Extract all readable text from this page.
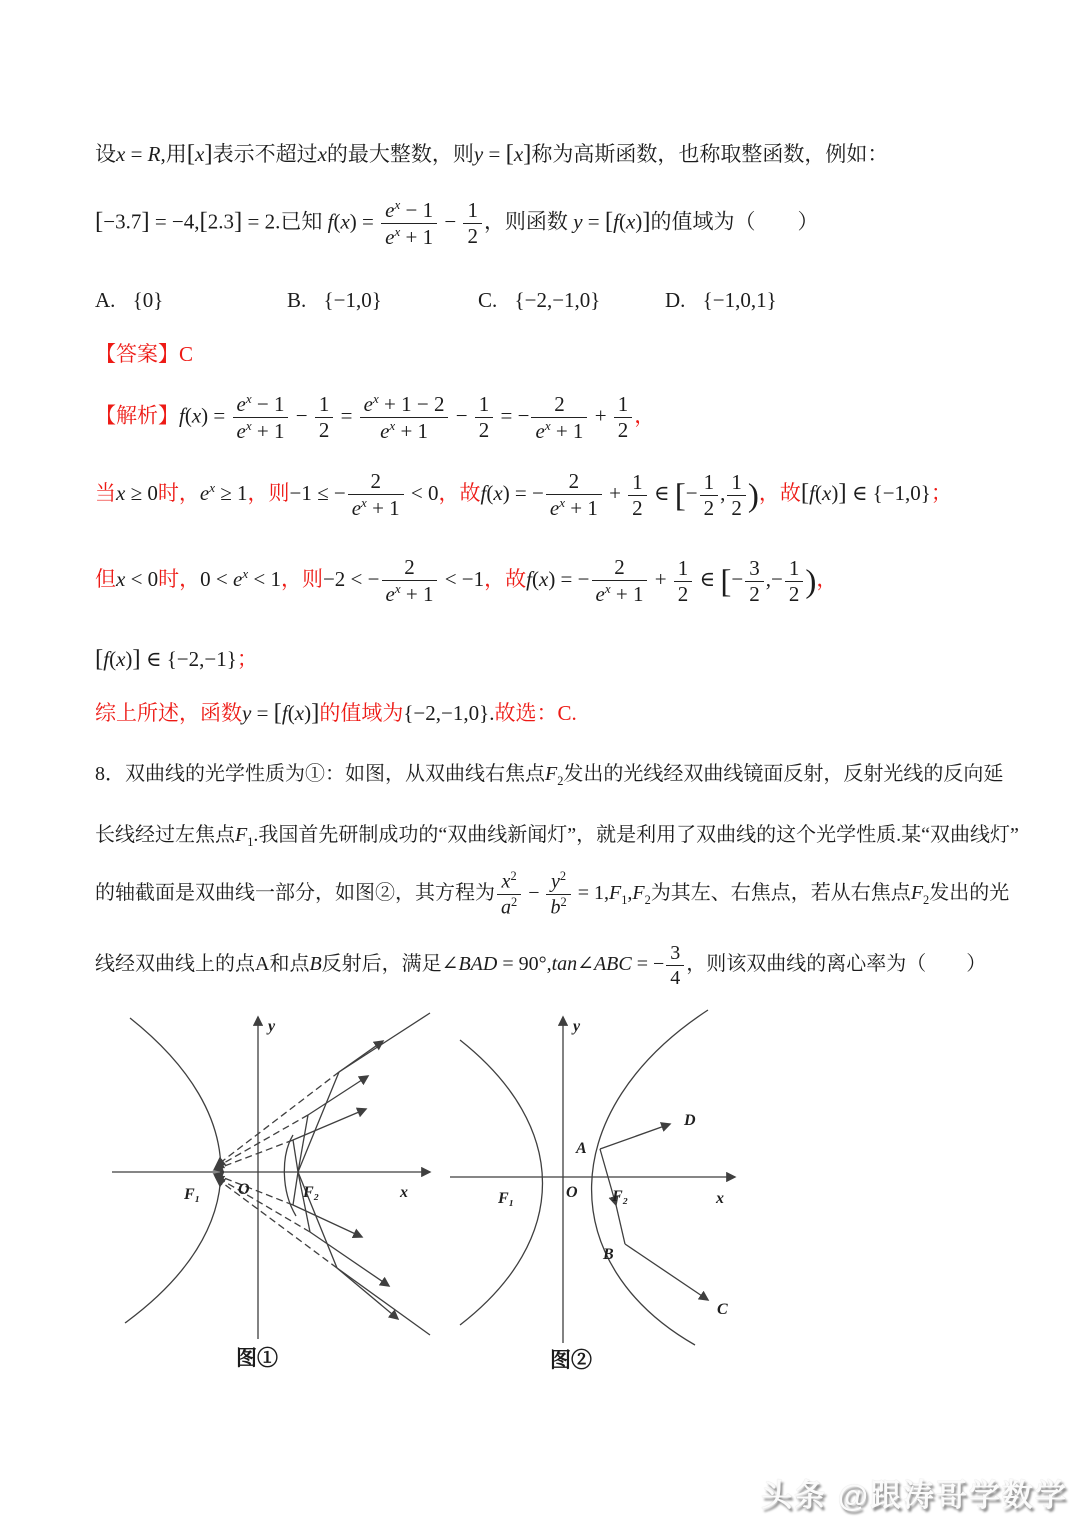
设x = R,用[x]表示不超过x的最大整数，则y = [x]称为高斯函数，也称取整函数，例如：
[−3.7] = −4,[2.3] = 2.已知 $f(x) = \frac{e^x - 1}{e^x + 1} - \frac{1}{2}$ ，则函数 y = [f(x)]的值域为（　　）
A. {0}	B. {−1,0}	C. {−2,−1,0}	D. {−1,0,1}
【答案】C
【解析】$f(x) = \frac{e^x - 1}{e^x + 1} - \frac{1}{2} = \frac{e^x + 1 - 2}{e^x + 1} - \frac{1}{2}$ = − $\frac{2}{e^x + 1} + \frac{1}{2}$ ，
当x ≥ 0时，$e^x \ge 1$，则−1 ≤ − $\frac{2}{e^x + 1} < 0$，故f(x) = − $\frac{2}{e^x + 1} + \frac{1}{2}$ ∈ [− $\frac{1}{2}$ , $\frac{1}{2}$ )，故[f(x)] ∈ {−1,0}；
但x < 0时，$0 < e^x < 1$，则−2 < − $\frac{2}{e^x + 1} < -1$，故f(x) = − $\frac{2}{e^x + 1} + \frac{1}{2}$ ∈ [− $\frac{3}{2}$ ,− $\frac{1}{2}$ )，
[f(x)] ∈ {−2,−1}；
综上所述，函数y = [f(x)]的值域为{−2,−1,0}.故选：C.
8．双曲线的光学性质为①：如图，从双曲线右焦点$F_2$发出的光线经双曲线镜面反射，反射光线的反向延
长线经过左焦点$F_1$.我国首先研制成功的“双曲线新闻灯”，就是利用了双曲线的这个光学性质.某“双曲线灯”
的轴截面是双曲线一部分，如图②，其方程为 $\frac{x^2}{a^2} - \frac{y^2}{b^2} = 1,F_1,F_2$为其左、右焦点，若从右焦点$F_2$发出的光
线经双曲线上的点A和点B反射后，满足∠BAD = 90°,tan∠ABC = − $\frac{3}{4}$ ，则该双曲线的离心率为（　　）
y
x
O
F₁	F₂
图①
y
x
O
F₁	F₂
A
B
C
D
图②
头条 @跟涛哥学数学
